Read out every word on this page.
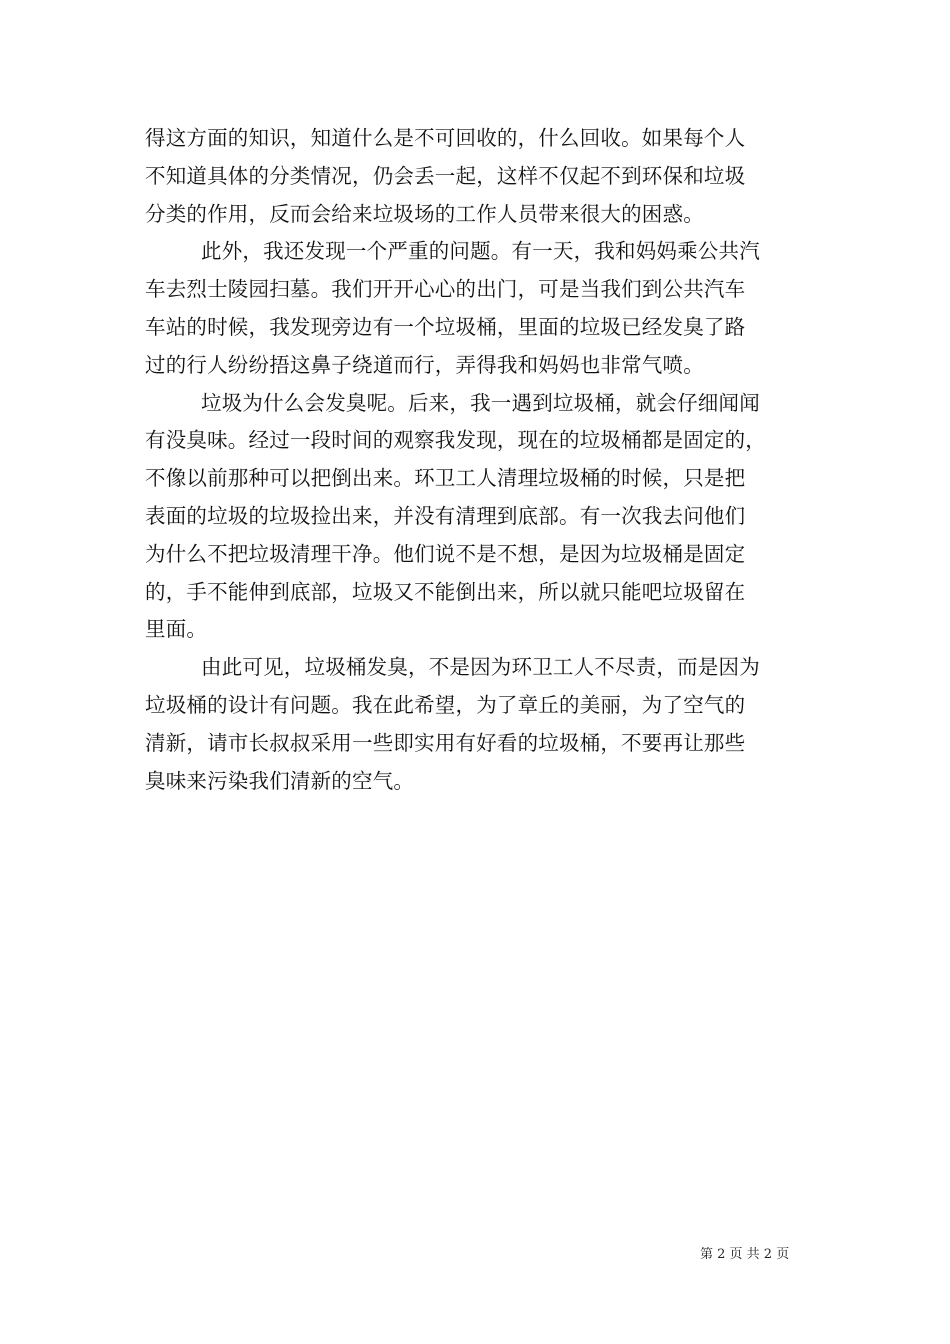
得这方面的知识，知道什么是不可回收的，什么回收。如果每个人
不知道具体的分类情况，仍会丢一起，这样不仅起不到环保和垃圾
分类的作用，反而会给来垃圾场的工作人员带来很大的困惑。
此外，我还发现一个严重的问题。有一天，我和妈妈乘公共汽
车去烈士陵园扫墓。我们开开心心的出门，可是当我们到公共汽车
车站的时候，我发现旁边有一个垃圾桶，里面的垃圾已经发臭了路
过的行人纷纷捂这鼻子绕道而行，弄得我和妈妈也非常气喷。
垃圾为什么会发臭呢。后来，我一遇到垃圾桶，就会仔细闻闻
有没臭味。经过一段时间的观察我发现，现在的垃圾桶都是固定的，
不像以前那种可以把倒出来。环卫工人清理垃圾桶的时候，只是把
表面的垃圾的垃圾捡出来，并没有清理到底部。有一次我去问他们
为什么不把垃圾清理干净。他们说不是不想，是因为垃圾桶是固定
的，手不能伸到底部，垃圾又不能倒出来，所以就只能吧垃圾留在
里面。
由此可见，垃圾桶发臭，不是因为环卫工人不尽责，而是因为
垃圾桶的设计有问题。我在此希望，为了章丘的美丽，为了空气的
清新，请市长叔叔采用一些即实用有好看的垃圾桶，不要再让那些
臭味来污染我们清新的空气。
第 2 页 共 2 页
